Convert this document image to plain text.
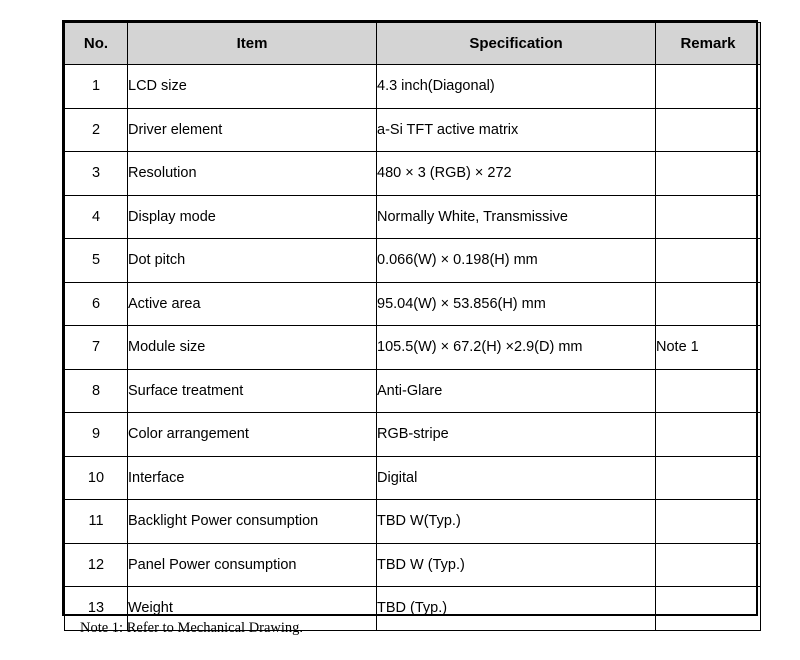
No.	Item	Specification	Remark
1	LCD size	4.3 inch(Diagonal)	
2	Driver element	a-Si TFT active matrix	
3	Resolution	480 × 3 (RGB) × 272	
4	Display mode	Normally White, Transmissive	
5	Dot pitch	0.066(W) × 0.198(H) mm	
6	Active area	95.04(W) × 53.856(H) mm	
7	Module size	105.5(W) × 67.2(H) ×2.9(D) mm	Note 1
8	Surface treatment	Anti-Glare	
9	Color arrangement	RGB-stripe	
10	Interface	Digital	
11	Backlight Power consumption	TBD W(Typ.)	
12	Panel Power consumption	TBD W (Typ.)	
13	Weight	TBD (Typ.)	
Note 1: Refer to Mechanical Drawing.
